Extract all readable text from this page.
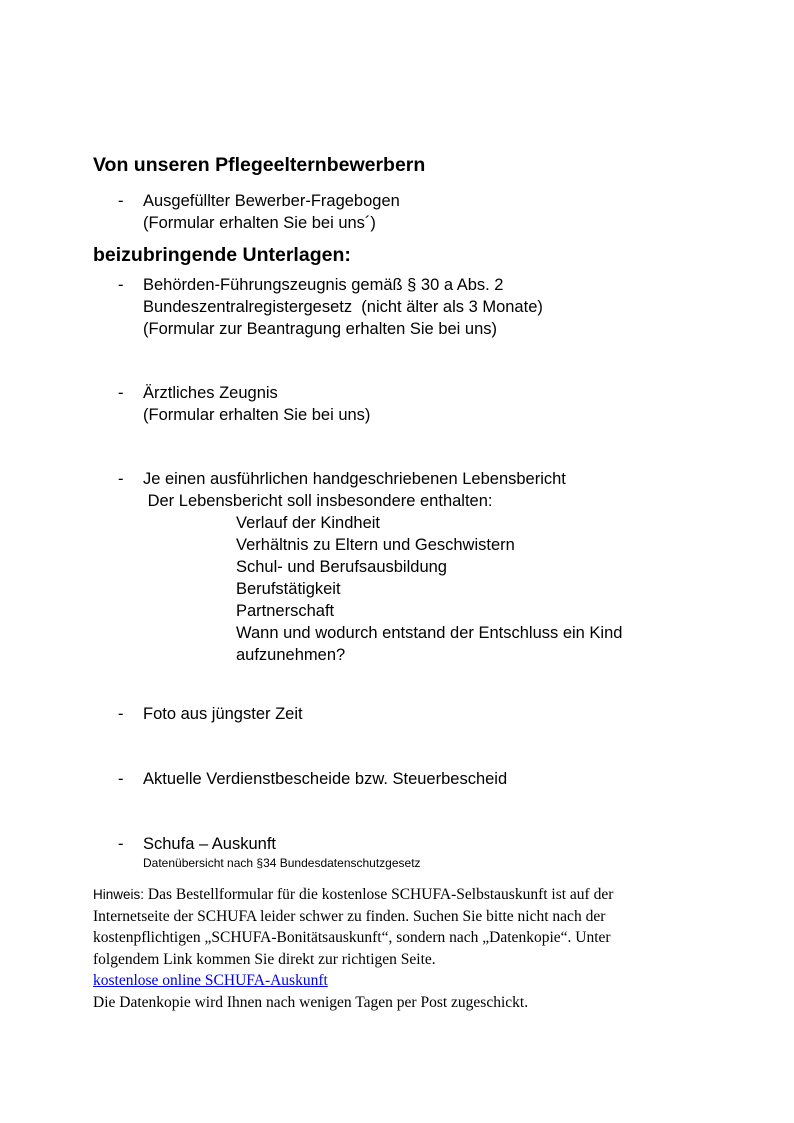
Von unseren Pflegeelternbewerbern

beizubringende Unterlagen:

-	Ausgefüllter Bewerber-Fragebogen
(Formular erhalten Sie bei uns´)
-	Behörden-Führungszeugnis gemäß § 30 a Abs. 2
Bundeszentralregistergesetz  (nicht älter als 3 Monate)
(Formular zur Beantragung erhalten Sie bei uns)
-	Ärztliches Zeugnis
(Formular erhalten Sie bei uns)
-	Je einen ausführlichen handgeschriebenen Lebensbericht
Der Lebensbericht soll insbesondere enthalten:
Verlauf der Kindheit
Verhältnis zu Eltern und Geschwistern
Schul- und Berufsausbildung
Berufstätigkeit
Partnerschaft
Wann und wodurch entstand der Entschluss ein Kind aufzunehmen?
-	Foto aus jüngster Zeit
-	Aktuelle Verdienstbescheide bzw. Steuerbescheid
-	Schufa – Auskunft
Datenübersicht nach §34 Bundesdatenschutzgesetz
Hinweis: Das Bestellformular für die kostenlose SCHUFA-Selbstauskunft ist auf der
Internetseite der SCHUFA leider schwer zu finden. Suchen Sie bitte nicht nach der
kostenpflichtigen „SCHUFA-Bonitätsauskunft“, sondern nach „Datenkopie“. Unter
folgendem Link kommen Sie direkt zur richtigen Seite.
kostenlose online SCHUFA-Auskunft
Die Datenkopie wird Ihnen nach wenigen Tagen per Post zugeschickt.
